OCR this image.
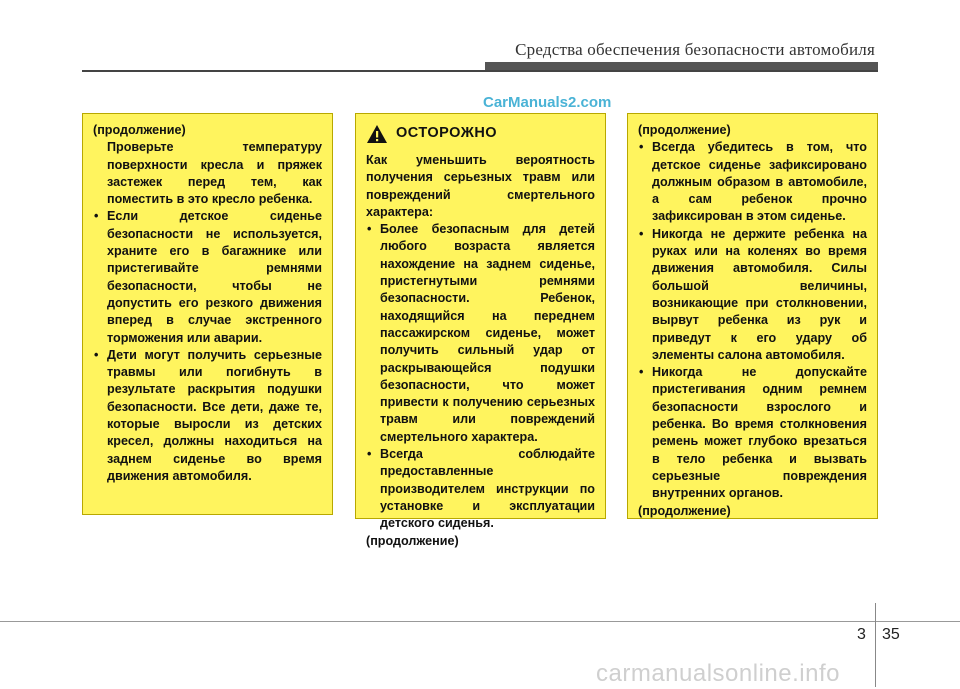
Средства обеспечения безопасности автомобиля
CarManuals2.com

(продолжение)

Проверьте температуру поверхности кресла и пряжек застежек перед тем, как поместить в это кресло ребенка.

• Если детское сиденье безопасности не используется, храните его в багажнике или пристегивайте ремнями безопасности, чтобы не допустить его резкого движения вперед в случае экстренного торможения или аварии.

• Дети могут получить серьезные травмы или погибнуть в результате раскрытия подушки безопасности. Все дети, даже те, которые выросли из детских кресел, должны находиться на заднем сиденье во время движения автомобиля.

ОСТОРОЖНО

Как уменьшить вероятность получения серьезных травм или повреждений смертельного характера:

• Более безопасным для детей любого возраста является нахождение на заднем сиденье, пристегнутыми ремнями безопасности. Ребенок, находящийся на переднем пассажирском сиденье, может получить сильный удар от раскрывающейся подушки безопасности, что может привести к получению серьезных травм или повреждений смертельного характера.

• Всегда соблюдайте предоставленные производителем инструкции по установке и эксплуатации детского сиденья.

(продолжение)

(продолжение)

• Всегда убедитесь в том, что детское сиденье зафиксировано должным образом в автомобиле, а сам ребенок прочно зафиксирован в этом сиденье.

• Никогда не держите ребенка на руках или на коленях во время движения автомобиля. Силы большой величины, возникающие при столкновении, вырвут ребенка из рук и приведут к его удару об элементы салона автомобиля.

• Никогда не допускайте пристегивания одним ремнем безопасности взрослого и ребенка. Во время столкновения ремень может глубоко врезаться в тело ребенка и вызвать серьезные повреждения внутренних органов.

(продолжение)

3 35
carmanualsonline.info
